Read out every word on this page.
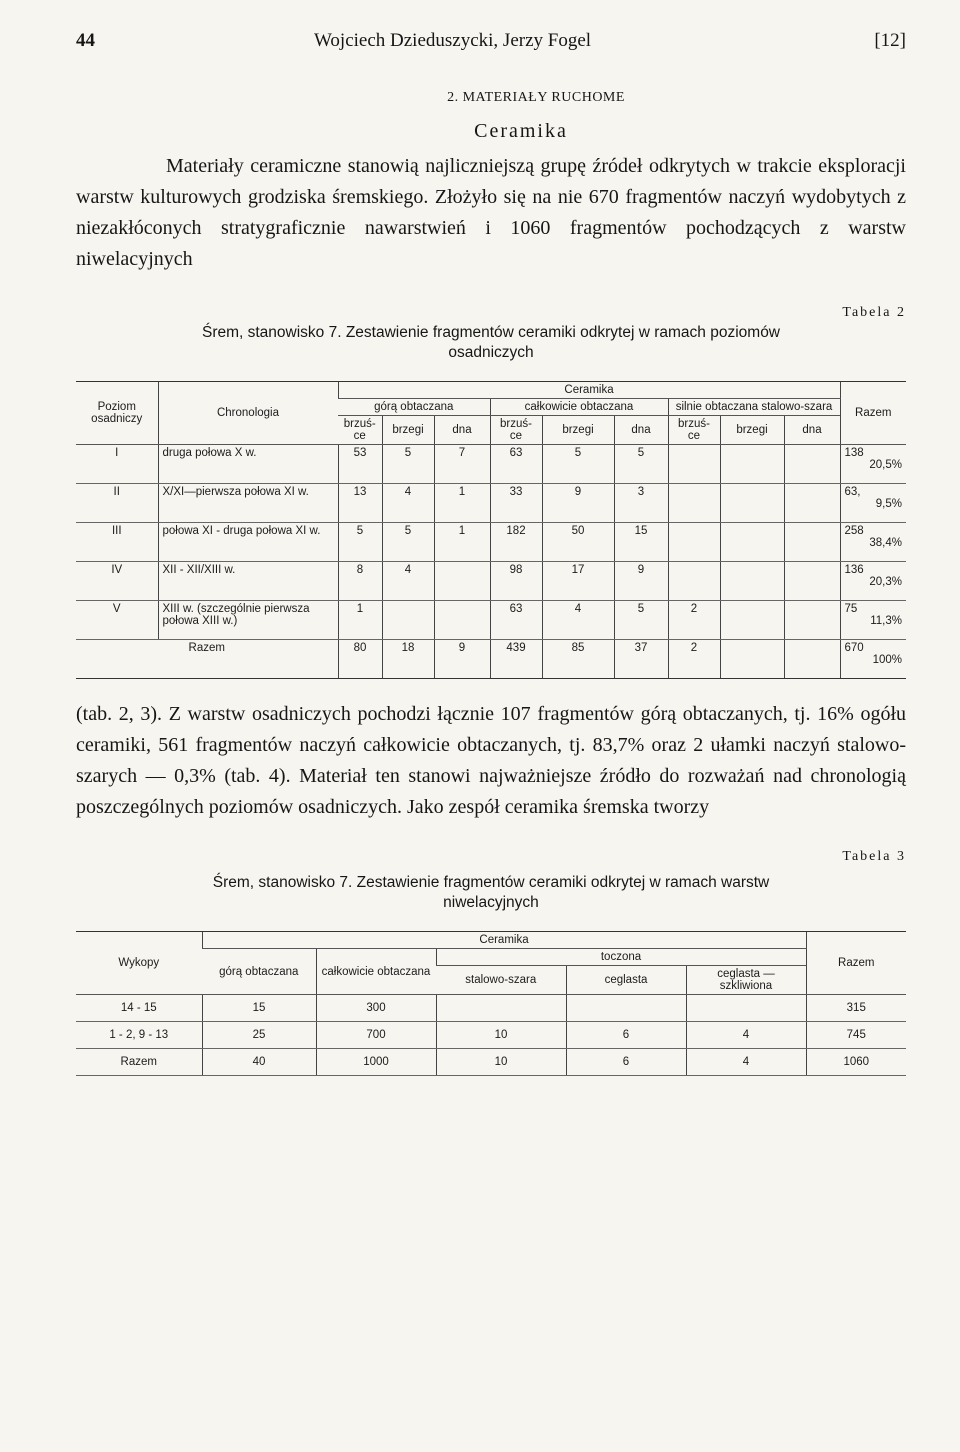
44	Wojciech Dzieduszycki, Jerzy Fogel	[12]
2. MATERIAŁY RUCHOME
Ceramika

Materiały ceramiczne stanowią najliczniejszą grupę źródeł odkrytych w trakcie eksploracji warstw kulturowych grodziska śremskiego. Złożyło się na nie 670 fragmentów naczyń wydobytych z niezakłóconych stratygraficznie nawarstwień i 1060 fragmentów pochodzących z warstw niwelacyjnych

Tabela 2
Śrem, stanowisko 7. Zestawienie fragmentów ceramiki odkrytej w ramach poziomów
osadniczych
Poziom osadniczy	Chronologia	Ceramika									Razem
		górą obtaczana			całkowicie obtaczana			silnie obtaczana stalowo-szara			
		brzuś-ce	brzegi	dna	brzuś-ce	brzegi	dna	brzuś-ce	brzegi	dna	
I	druga połowa X w.	53	5	7	63	5	5				138
20,5%

II	X/XI—pierwsza połowa XI w.	13	4	1	33	9	3				63,
9,5%

III	połowa XI - druga połowa XI w.	5	5	1	182	50	15				258
38,4%

IV	XII - XII/XIII w.	8	4		98	17	9				136
20,3%

V	XIII w. (szczególnie pierwsza połowa XIII w.)	1			63	4	5	2			75
11,3%

Razem		80	18	9	439	85	37	2			670
100%

(tab. 2, 3). Z warstw osadniczych pochodzi łącznie 107 fragmentów górą obtaczanych, tj. 16% ogółu ceramiki, 561 fragmentów naczyń całkowicie obtaczanych, tj. 83,7% oraz 2 ułamki naczyń stalowo-szarych — 0,3% (tab. 4). Materiał ten stanowi najważniejsze źródło do rozważań nad chronologią poszczególnych poziomów osadniczych. Jako zespół ceramika śremska tworzy

Tabela 3
Śrem, stanowisko 7. Zestawienie fragmentów ceramiki odkrytej w ramach warstw
niwelacyjnych
Wykopy	Ceramika					Razem
	górą obtaczana	całkowicie obtaczana	toczona			
			stalowo-szara	ceglasta	ceglasta — szkliwiona	
14 - 15	15	300				315
1 - 2, 9 - 13	25	700	10	6	4	745
Razem	40	1000	10	6	4	1060
